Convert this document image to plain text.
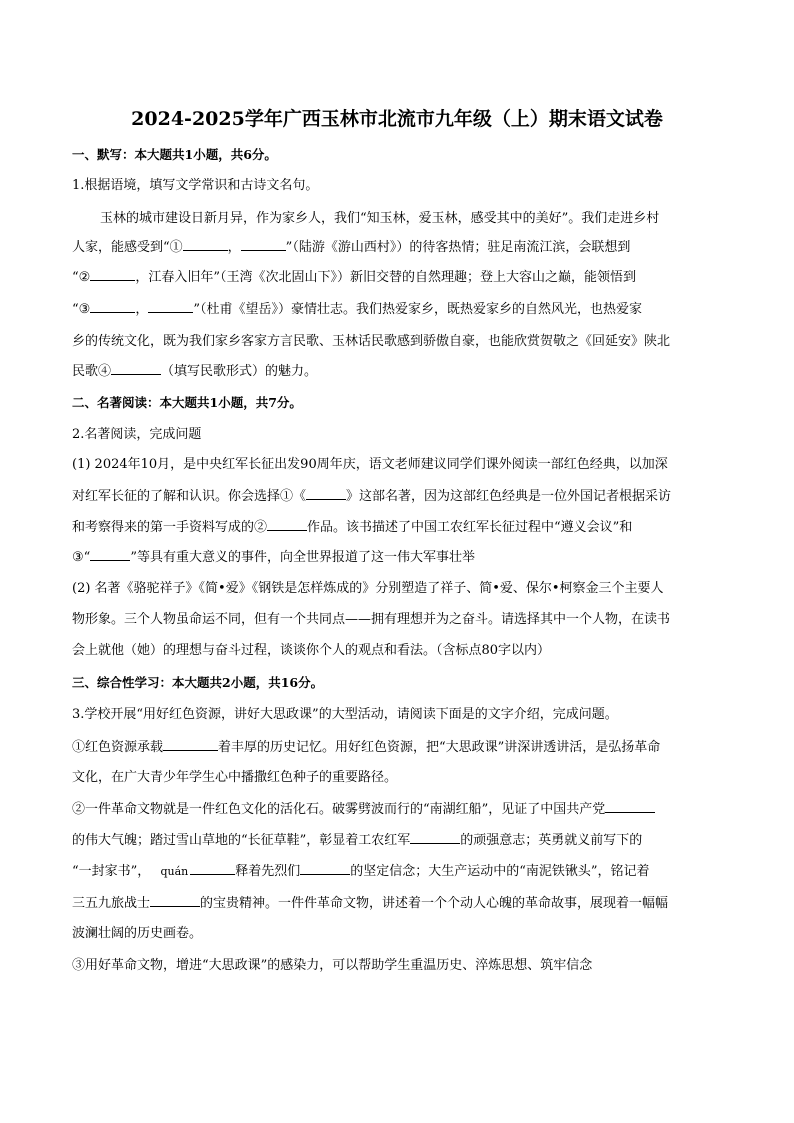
2024-2025学年广西玉林市北流市九年级（上）期末语文试卷
一、默写：本大题共1小题，共6分。
1.根据语境，填写文学常识和古诗文名句。
玉林的城市建设日新月异，作为家乡人，我们“知玉林，爱玉林，感受其中的美好”。我们走进乡村
人家，能感受到“①	，	”（陆游《游山西村》）的待客热情；驻足南流江滨，会联想到
“②	，江春入旧年”（王湾《次北固山下》）新旧交替的自然理趣；登上大容山之巅，能领悟到
“③	，	”（杜甫《望岳》）豪情壮志。我们热爱家乡，既热爱家乡的自然风光，也热爱家
乡的传统文化，既为我们家乡客家方言民歌、玉林话民歌感到骄傲自豪，也能欣赏贺敬之《回延安》陕北
民歌④	（填写民歌形式）的魅力。
二、名著阅读：本大题共1小题，共7分。
2.名著阅读，完成问题
(1) 2024年10月，是中央红军长征出发90周年庆，语文老师建议同学们课外阅读一部红色经典，以加深
对红军长征的了解和认识。你会选择①《	》这部名著，因为这部红色经典是一位外国记者根据采访
和考察得来的第一手资料写成的②	作品。该书描述了中国工农红军长征过程中“遵义会议”和
③“	”等具有重大意义的事件，向全世界报道了这一伟大军事壮举
(2) 名著《骆驼祥子》《简•爱》《钢铁是怎样炼成的》分别塑造了祥子、简•爱、保尔•柯察金三个主要人
物形象。三个人物虽命运不同，但有一个共同点——拥有理想并为之奋斗。请选择其中一个人物，在读书
会上就他（她）的理想与奋斗过程，谈谈你个人的观点和看法。（含标点80字以内）
三、综合性学习：本大题共2小题，共16分。
3.学校开展“用好红色资源，讲好大思政课”的大型活动，请阅读下面是的文字介绍，完成问题。
①红色资源承载	着丰厚的历史记忆。用好红色资源，把“大思政课”讲深讲透讲活，是弘扬革命
文化，在广大青少年学生心中播撒红色种子的重要路径。
②一件革命文物就是一件红色文化的活化石。破雾劈波而行的“南湖红船”，见证了中国共产党
的伟大气魄；踏过雪山草地的“长征草鞋”，彰显着工农红军	的顽强意志；英勇就义前写下的
“一封家书”， quán	释着先烈们	的坚定信念；大生产运动中的“南泥铁锹头”，铭记着
三五九旅战士	的宝贵精神。一件件革命文物，讲述着一个个动人心魄的革命故事，展现着一幅幅
波澜壮阔的历史画卷。
③用好革命文物，增进“大思政课”的感染力，可以帮助学生重温历史、淬炼思想、筑牢信念
